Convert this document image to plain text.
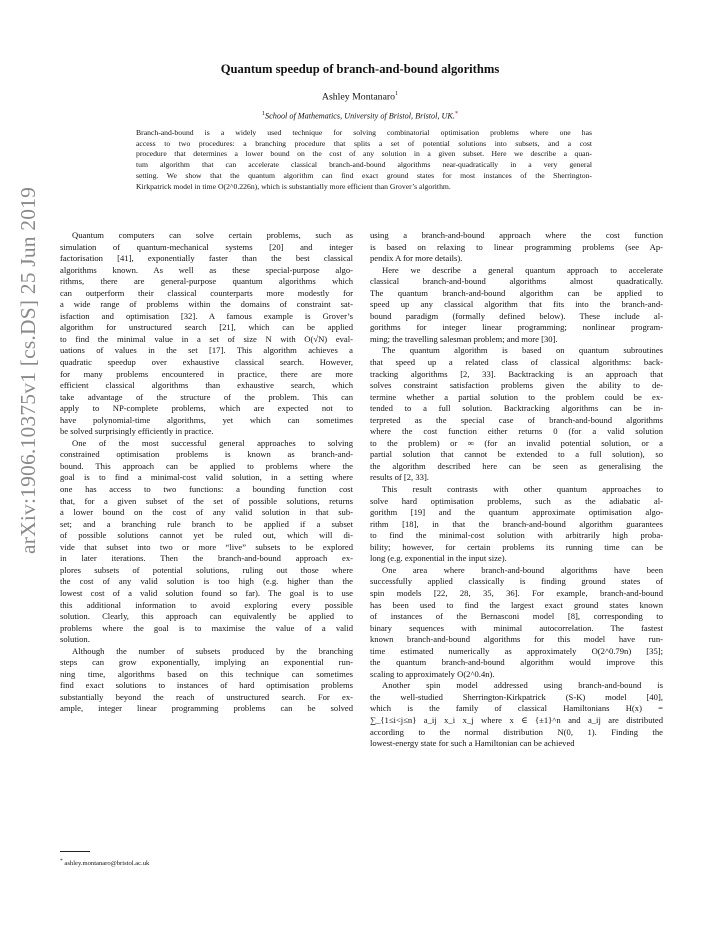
arXiv:1906.10375v1 [cs.DS] 25 Jun 2019
Quantum speedup of branch-and-bound algorithms
Ashley Montanaro$^1$
$^1$School of Mathematics, University of Bristol, Bristol, UK.*
Branch-and-bound is a widely used technique for solving combinatorial optimisation problems where one has
access to two procedures: a branching procedure that splits a set of potential solutions into subsets, and a cost
procedure that determines a lower bound on the cost of any solution in a given subset. Here we describe a quan-
tum algorithm that can accelerate classical branch-and-bound algorithms near-quadratically in a very general
setting. We show that the quantum algorithm can find exact ground states for most instances of the Sherrington-
Kirkpatrick model in time O(2^0.226n), which is substantially more efficient than Grover’s algorithm.
Quantum computers can solve certain problems, such as
simulation of quantum-mechanical systems [20] and integer
factorisation [41], exponentially faster than the best classical
algorithms known. As well as these special-purpose algo-
rithms, there are general-purpose quantum algorithms which
can outperform their classical counterparts more modestly for
a wide range of problems within the domains of constraint sat-
isfaction and optimisation [32]. A famous example is Grover’s
algorithm for unstructured search [21], which can be applied
to find the minimal value in a set of size N with O(√N) eval-
uations of values in the set [17]. This algorithm achieves a
quadratic speedup over exhaustive classical search. However,
for many problems encountered in practice, there are more
efficient classical algorithms than exhaustive search, which
take advantage of the structure of the problem. This can
apply to NP-complete problems, which are expected not to
have polynomial-time algorithms, yet which can sometimes
be solved surprisingly efficiently in practice.
One of the most successful general approaches to solving
constrained optimisation problems is known as branch-and-
bound. This approach can be applied to problems where the
goal is to find a minimal-cost valid solution, in a setting where
one has access to two functions: a bounding function cost
that, for a given subset of the set of possible solutions, returns
a lower bound on the cost of any valid solution in that sub-
set; and a branching rule branch to be applied if a subset
of possible solutions cannot yet be ruled out, which will di-
vide that subset into two or more “live” subsets to be explored
in later iterations. Then the branch-and-bound approach ex-
plores subsets of potential solutions, ruling out those where
the cost of any valid solution is too high (e.g. higher than the
lowest cost of a valid solution found so far). The goal is to use
this additional information to avoid exploring every possible
solution. Clearly, this approach can equivalently be applied to
problems where the goal is to maximise the value of a valid
solution.
Although the number of subsets produced by the branching
steps can grow exponentially, implying an exponential run-
ning time, algorithms based on this technique can sometimes
find exact solutions to instances of hard optimisation problems
substantially beyond the reach of unstructured search. For ex-
ample, integer linear programming problems can be solved
using a branch-and-bound approach where the cost function
is based on relaxing to linear programming problems (see Ap-
pendix A for more details).
Here we describe a general quantum approach to accelerate
classical branch-and-bound algorithms almost quadratically.
The quantum branch-and-bound algorithm can be applied to
speed up any classical algorithm that fits into the branch-and-
bound paradigm (formally defined below). These include al-
gorithms for integer linear programming; nonlinear program-
ming; the travelling salesman problem; and more [30].
The quantum algorithm is based on quantum subroutines
that speed up a related class of classical algorithms: back-
tracking algorithms [2, 33]. Backtracking is an approach that
solves constraint satisfaction problems given the ability to de-
termine whether a partial solution to the problem could be ex-
tended to a full solution. Backtracking algorithms can be in-
terpreted as the special case of branch-and-bound algorithms
where the cost function either returns 0 (for a valid solution
to the problem) or ∞ (for an invalid potential solution, or a
partial solution that cannot be extended to a full solution), so
the algorithm described here can be seen as generalising the
results of [2, 33].
This result contrasts with other quantum approaches to
solve hard optimisation problems, such as the adiabatic al-
gorithm [19] and the quantum approximate optimisation algo-
rithm [18], in that the branch-and-bound algorithm guarantees
to find the minimal-cost solution with arbitrarily high proba-
bility; however, for certain problems its running time can be
long (e.g. exponential in the input size).
One area where branch-and-bound algorithms have been
successfully applied classically is finding ground states of
spin models [22, 28, 35, 36]. For example, branch-and-bound
has been used to find the largest exact ground states known
of instances of the Bernasconi model [8], corresponding to
binary sequences with minimal autocorrelation. The fastest
known branch-and-bound algorithms for this model have run-
time estimated numerically as approximately O(2^0.79n) [35];
the quantum branch-and-bound algorithm would improve this
scaling to approximately O(2^0.4n).
Another spin model addressed using branch-and-bound is
the well-studied Sherrington-Kirkpatrick (S-K) model [40],
which is the family of classical Hamiltonians H(x) =
∑_{1≤i<j≤n} a_ij x_i x_j where x ∈ {±1}^n and a_ij are distributed
according to the normal distribution N(0, 1). Finding the
lowest-energy state for such a Hamiltonian can be achieved
* ashley.montanaro@bristol.ac.uk
